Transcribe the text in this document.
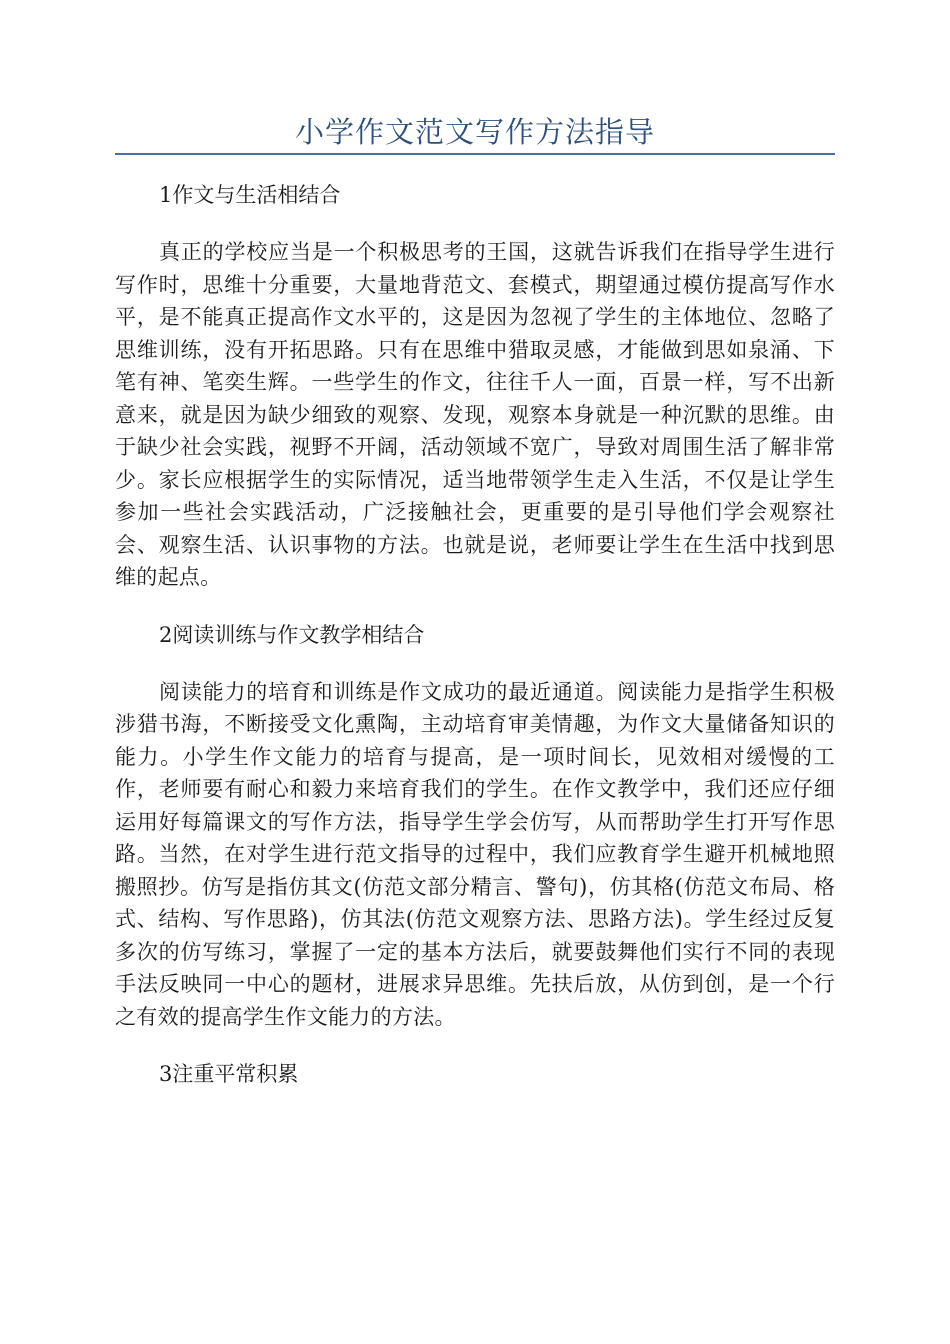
小学作文范文写作方法指导

1作文与生活相结合

真正的学校应当是一个积极思考的王国，这就告诉我们在指导学生进行写作时，思维十分重要，大量地背范文、套模式，期望通过模仿提高写作水平，是不能真正提高作文水平的，这是因为忽视了学生的主体地位、忽略了思维训练，没有开拓思路。只有在思维中猎取灵感，才能做到思如泉涌、下笔有神、笔奕生辉。一些学生的作文，往往千人一面，百景一样，写不出新意来，就是因为缺少细致的观察、发现，观察本身就是一种沉默的思维。由于缺少社会实践，视野不开阔，活动领域不宽广，导致对周围生活了解非常少。家长应根据学生的实际情况，适当地带领学生走入生活，不仅是让学生参加一些社会实践活动，广泛接触社会，更重要的是引导他们学会观察社会、观察生活、认识事物的方法。也就是说，老师要让学生在生活中找到思维的起点。

2阅读训练与作文教学相结合

阅读能力的培育和训练是作文成功的最近通道。阅读能力是指学生积极涉猎书海，不断接受文化熏陶，主动培育审美情趣，为作文大量储备知识的能力。小学生作文能力的培育与提高，是一项时间长，见效相对缓慢的工作，老师要有耐心和毅力来培育我们的学生。在作文教学中，我们还应仔细运用好每篇课文的写作方法，指导学生学会仿写，从而帮助学生打开写作思路。当然，在对学生进行范文指导的过程中，我们应教育学生避开机械地照搬照抄。仿写是指仿其文(仿范文部分精言、警句)，仿其格(仿范文布局、格式、结构、写作思路)，仿其法(仿范文观察方法、思路方法)。学生经过反复多次的仿写练习，掌握了一定的基本方法后，就要鼓舞他们实行不同的表现手法反映同一中心的题材，进展求异思维。先扶后放，从仿到创，是一个行之有效的提高学生作文能力的方法。

3注重平常积累
